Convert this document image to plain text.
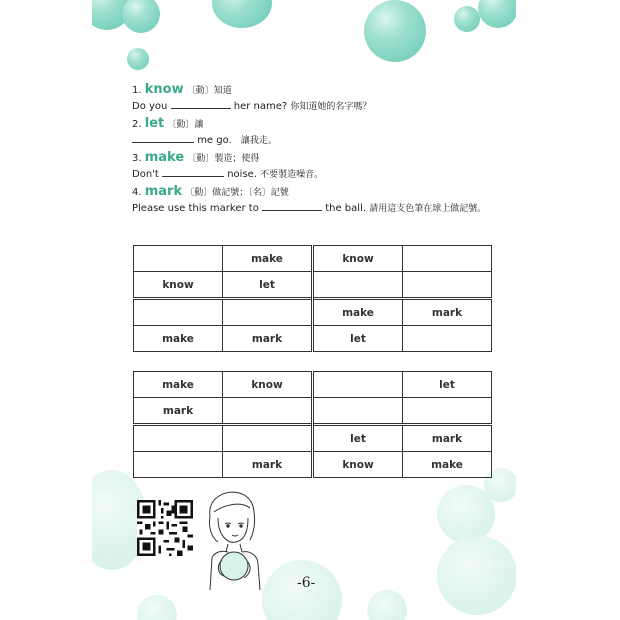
1. know 〔動〕知道
Do you	her name? 你知道她的名字嗎？
2. let 〔動〕讓
me go. 讓我走。
3. make 〔動〕製造；使得
Don't	noise. 不要製造噪音。
4. mark 〔動〕做記號；〔名〕記號
Please use this marker to	the ball. 請用這支色筆在球上做記號。
	make	know	
know	let		
		make	mark
make	mark	let	
make	know		let
mark			
		let	mark
	mark	know	make
-6-
